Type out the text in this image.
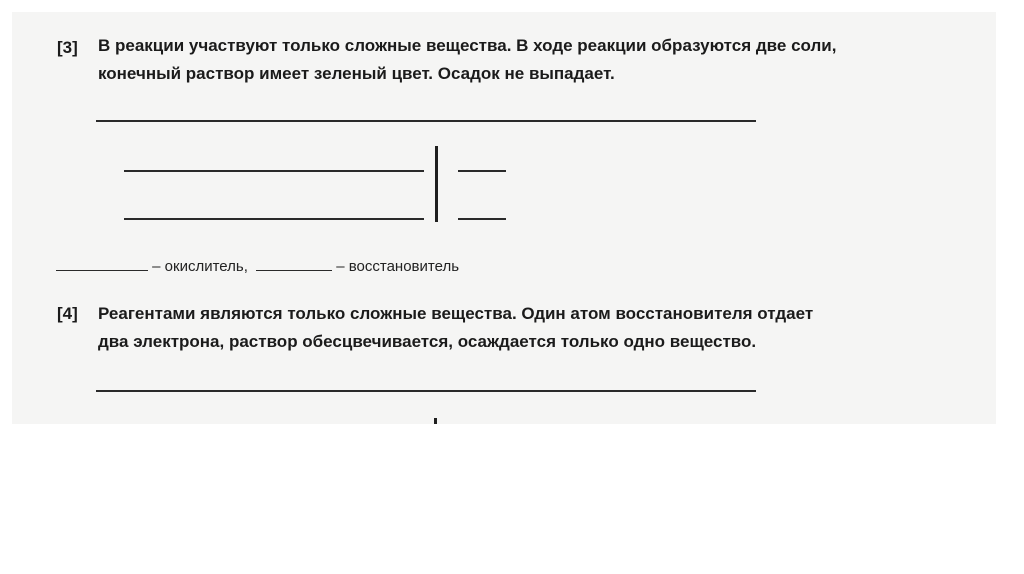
[3] В реакции участвуют только сложные вещества. В ходе реакции образуются две соли,
конечный раствор имеет зеленый цвет. Осадок не выпадает.
– окислитель,	– восстановитель
[4] Реагентами являются только сложные вещества. Один атом восстановителя отдает
два электрона, раствор обесцвечивается, осаждается только одно вещество.
